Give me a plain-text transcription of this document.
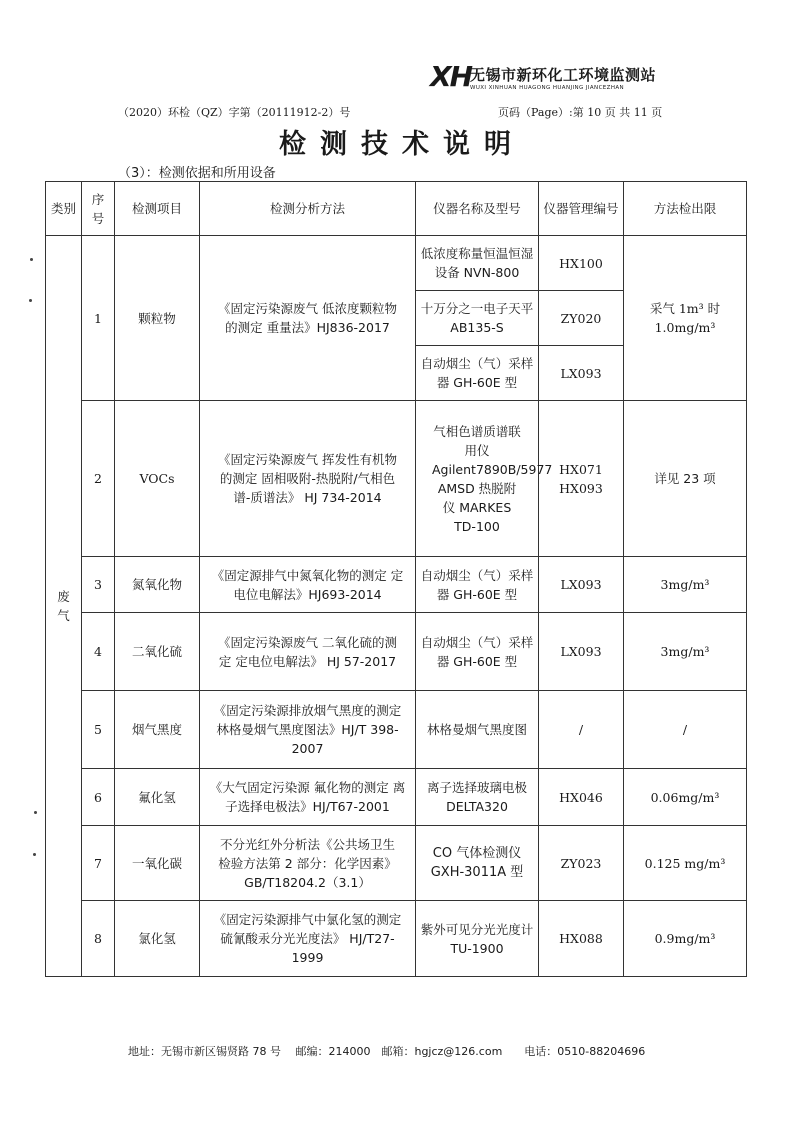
XH
无锡市新环化工环境监测站
WUXI XINHUAN HUAGONG HUANJING JIANCEZHAN
（2020）环检（QZ）字第（20111912-2）号	页码（Page）:第 10 页 共 11 页
检测技术说明
（3）：检测依据和所用设备
类别	序号	检测项目	检测分析方法	仪器名称及型号	仪器管理编号	方法检出限
废气	1	颗粒物	《固定污染源废气 低浓度颗粒物的测定 重量法》HJ836-2017	低浓度称量恒温恒湿设备 NVN-800	HX100	采气 1m³ 时 1.0mg/m³
				十万分之一电子天平 AB135-S	ZY020	
				自动烟尘（气）采样器 GH-60E 型	LX093	
	2	VOCs	《固定污染源废气 挥发性有机物的测定 固相吸附-热脱附/气相色谱-质谱法》 HJ 734-2014	气相色谱质谱联用仪 Agilent7890B/5977 AMSD 热脱附仪 MARKES TD-100	HX071 HX093	详见 23 项
	3	氮氧化物	《固定源排气中氮氧化物的测定 定电位电解法》HJ693-2014	自动烟尘（气）采样器 GH-60E 型	LX093	3mg/m³
	4	二氧化硫	《固定污染源废气 二氧化硫的测定 定电位电解法》 HJ 57-2017	自动烟尘（气）采样器 GH-60E 型	LX093	3mg/m³
	5	烟气黑度	《固定污染源排放烟气黑度的测定 林格曼烟气黑度图法》HJ/T 398-2007	林格曼烟气黑度图	/	/
	6	氟化氢	《大气固定污染源 氟化物的测定 离子选择电极法》HJ/T67-2001	离子选择玻璃电极 DELTA320	HX046	0.06mg/m³
	7	一氧化碳	不分光红外分析法《公共场卫生检验方法第 2 部分：化学因素》 GB/T18204.2（3.1）	CO 气体检测仪 GXH-3011A 型	ZY023	0.125 mg/m³
	8	氯化氢	《固定污染源排气中氯化氢的测定 硫氰酸汞分光光度法》 HJ/T27-1999	紫外可见分光光度计 TU-1900	HX088	0.9mg/m³
地址：无锡市新区锡贤路 78 号　 邮编：214000　邮箱：hgjcz@126.com　　电话：0510-88204696
